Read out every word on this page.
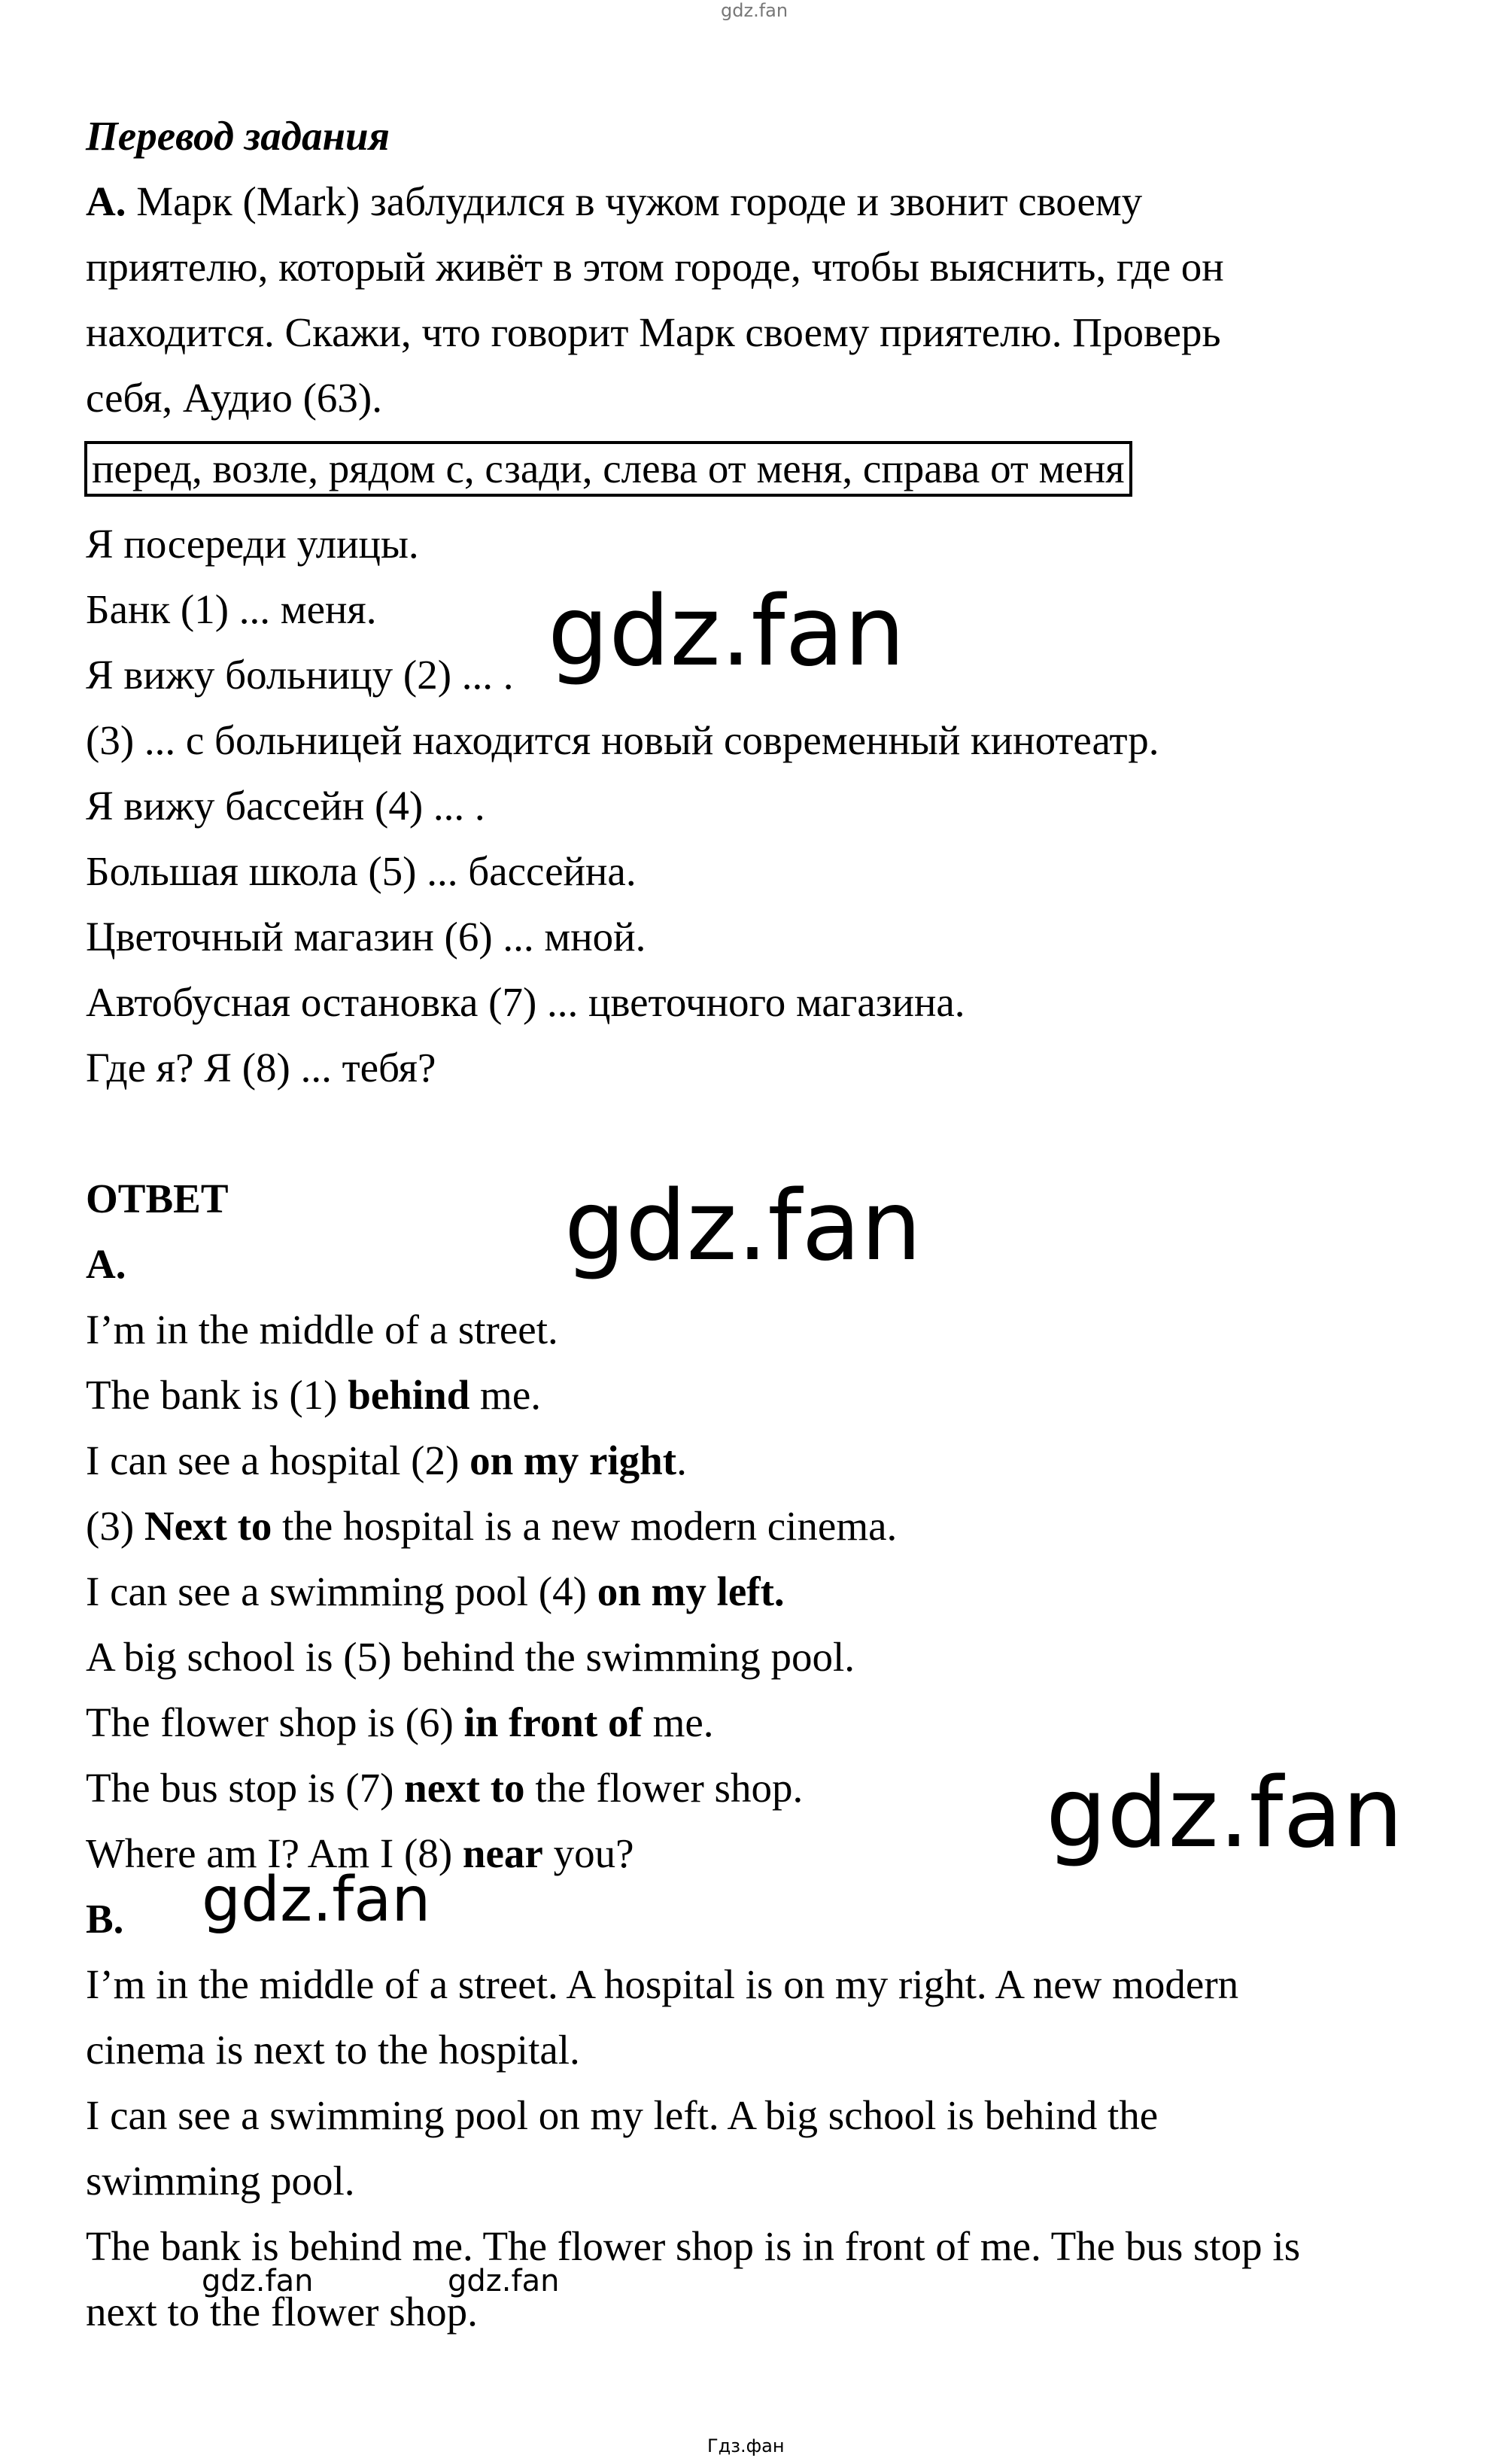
gdz.fan
Перевод задания
А. Марк (Mark) заблудился в чужом городе и звонит своему
приятелю, который живёт в этом городе, чтобы выяснить, где он
находится. Скажи, что говорит Марк своему приятелю. Проверь
себя, Аудио (63).
перед, возле, рядом с, сзади, слева от меня, справа от меня
Я посереди улицы.
Банк (1) ... меня.
Я вижу больницу (2) ... .
(3) ... с больницей находится новый современный кинотеатр.
Я вижу бассейн (4) ... .
Большая школа (5) ... бассейна.
Цветочный магазин (6) ... мной.
Автобусная остановка (7) ... цветочного магазина.
Где я? Я (8) ... тебя?
ОТВЕТ
A.
I’m in the middle of a street.
The bank is (1) behind me.
I can see a hospital (2) on my right.
(3) Next to the hospital is a new modern cinema.
I can see a swimming pool (4) on my left.
A big school is (5) behind the swimming pool.
The flower shop is (6) in front of me.
The bus stop is (7) next to the flower shop.
Where am I? Am I (8) near you?
B.
I’m in the middle of a street. A hospital is on my right. A new modern
cinema is next to the hospital.
I can see a swimming pool on my left. A big school is behind the
swimming pool.
The bank is behind me. The flower shop is in front of me. The bus stop is
next to the flower shop.
gdz.fan
gdz.fan
gdz.fan
gdz.fan
gdz.fan	gdz.fan
Гдз.фан
